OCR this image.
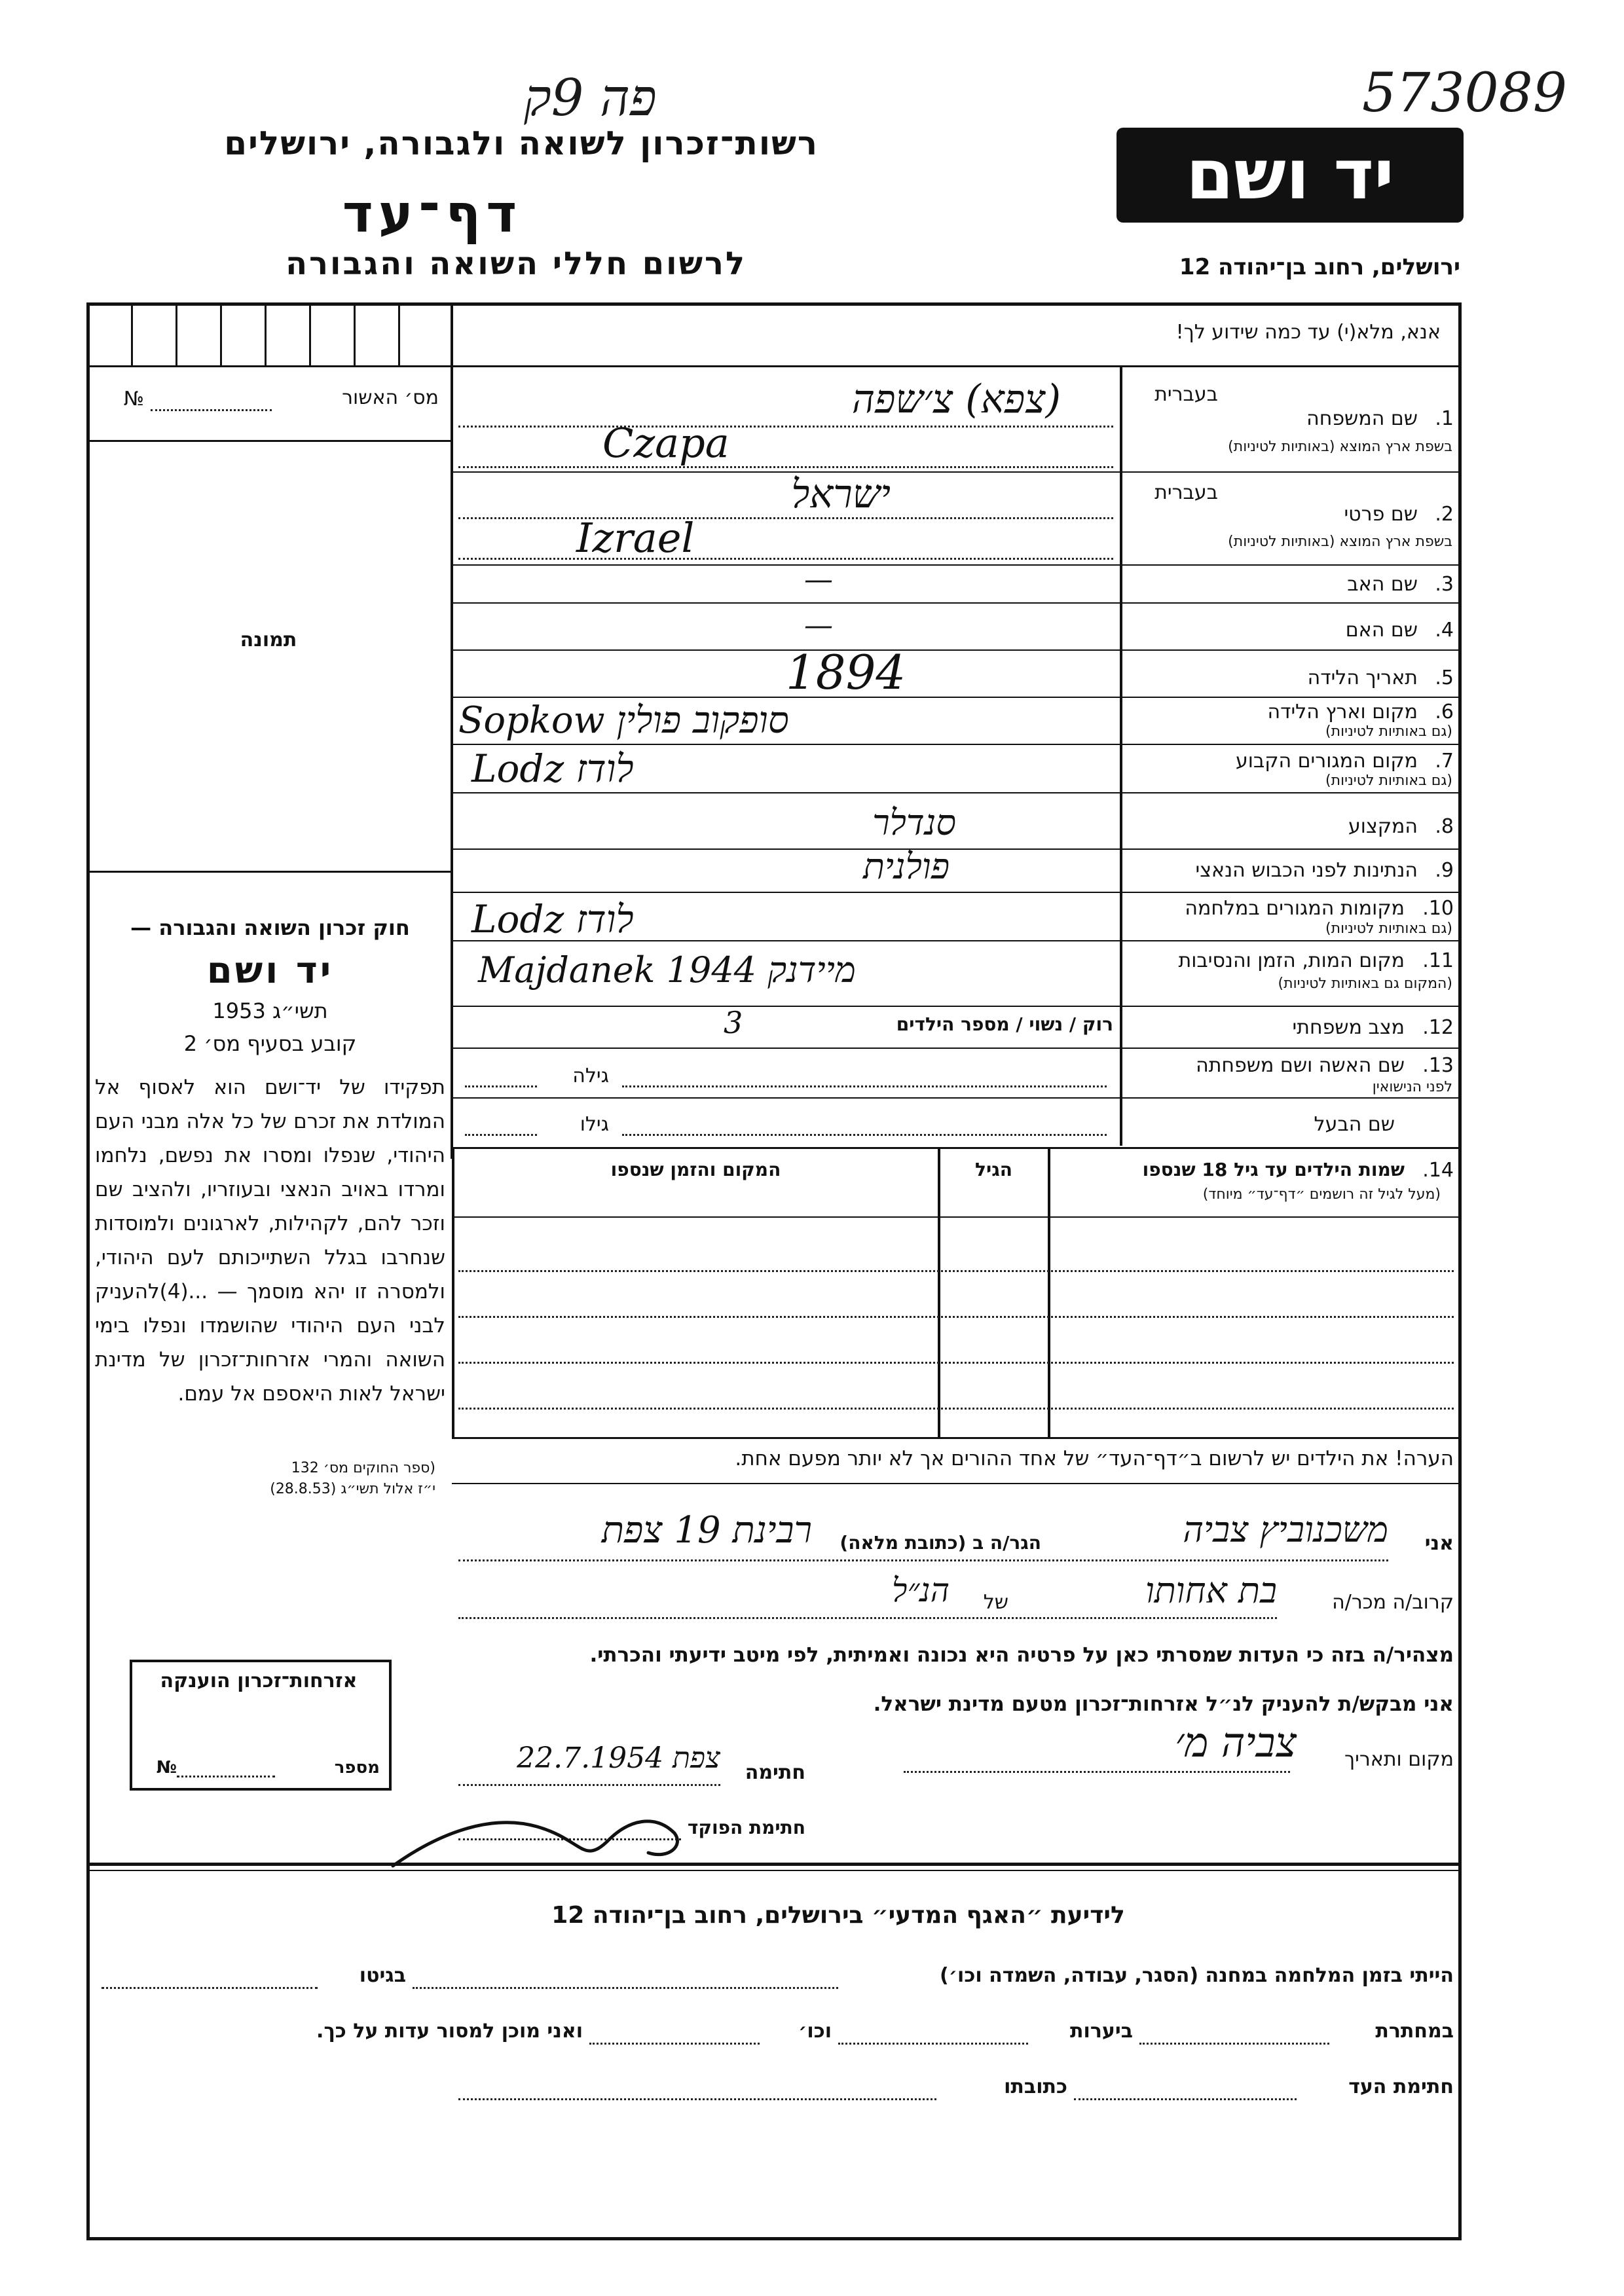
פה 9ק	573089
רשות־זכרון לשואה ולגבורה, ירושלים
דף־עד
לרשום חללי השואה והגבורה
יד ושם
ירושלים, רחוב בן־יהודה 12
אנא, מלא(י) עד כמה שידוע לך!
מס׳ האשור
№
תמונה
בעברית
1.
שם המשפחה
בשפת ארץ המוצא (באותיות לטיניות)
(צפא) צ׳שפה
Czapa
בעברית
2.
שם פרטי
בשפת ארץ המוצא (באותיות לטיניות)
ישראל
Izrael
3.
שם האב
—
4.
שם האם
—
5.
תאריך הלידה
1894
6.
מקום וארץ הלידה
(גם באותיות לטיניות)
Sopkow סופקוב פולין
7.
מקום המגורים הקבוע
(גם באותיות לטיניות)
Lodz לודז
8.
המקצוע
סנדלר
9.
הנתינות לפני הכבוש הנאצי
פולנית
10.
מקומות המגורים במלחמה
(גם באותיות לטיניות)
Lodz לודז
11.
מקום המות, הזמן והנסיבות
(המקום גם באותיות לטיניות)
Majdanek 1944 מיידנק
12.
מצב משפחתי
רוק / נשוי / מספר הילדים
3
13.
שם האשה ושם משפחתה
לפני הנישואין
גילה
שם הבעל
גילו
14.
שמות הילדים עד גיל 18 שנספו
(מעל לגיל זה רושמים ״דף־עד״ מיוחד)
הגיל
המקום והזמן שנספו
הערה! את הילדים יש לרשום ב״דף־העד״ של אחד ההורים אך לא יותר מפעם אחת.
חוק זכרון השואה והגבורה —
יד ושם
תשי״ג 1953
קובע בסעיף מס׳ 2
תפקידו של יד־ושם הוא לאסוף אל המולדת את זכרם של כל אלה מבני העם היהודי, שנפלו ומסרו את נפשם, נלחמו ומרדו באויב הנאצי ובעוזריו, ולהציב שם וזכר להם, לקהילות, לארגונים ולמוסדות שנחרבו בגלל השתייכותם לעם היהודי, ולמסרה זו יהא מוסמך — ...(4)להעניק לבני העם היהודי שהושמדו ונפלו בימי השואה והמרי אזרחות־זכרון של מדינת ישראל לאות היאספם אל עמם.
(ספר החוקים מס׳ 132
י״ז אלול תשי״ג (28.8.53)
אני
משכנוביץ צביה
הגר/ה ב (כתובת מלאה)
רבינת 19 צפת
קרוב/ה מכר/ה
בת אחותו
של
הנ״ל
מצהיר/ה בזה כי העדות שמסרתי כאן על פרטיה היא נכונה ואמיתית, לפי מיטב ידיעתי והכרתי.
אני מבקש/ת להעניק לנ״ל אזרחות־זכרון מטעם מדינת ישראל.
מקום ותאריך
צביה מ׳
חתימה
צפת 22.7.1954
חתימת הפוקד
אזרחות־זכרון הוענקה
מספר
№
לידיעת ״האגף המדעי״ בירושלים, רחוב בן־יהודה 12
הייתי בזמן המלחמה במחנה (הסגר, עבודה, השמדה וכו׳)
בגיטו
במחתרת
ביערות
וכו׳
ואני מוכן למסור עדות על כך.
חתימת העד
כתובתו
